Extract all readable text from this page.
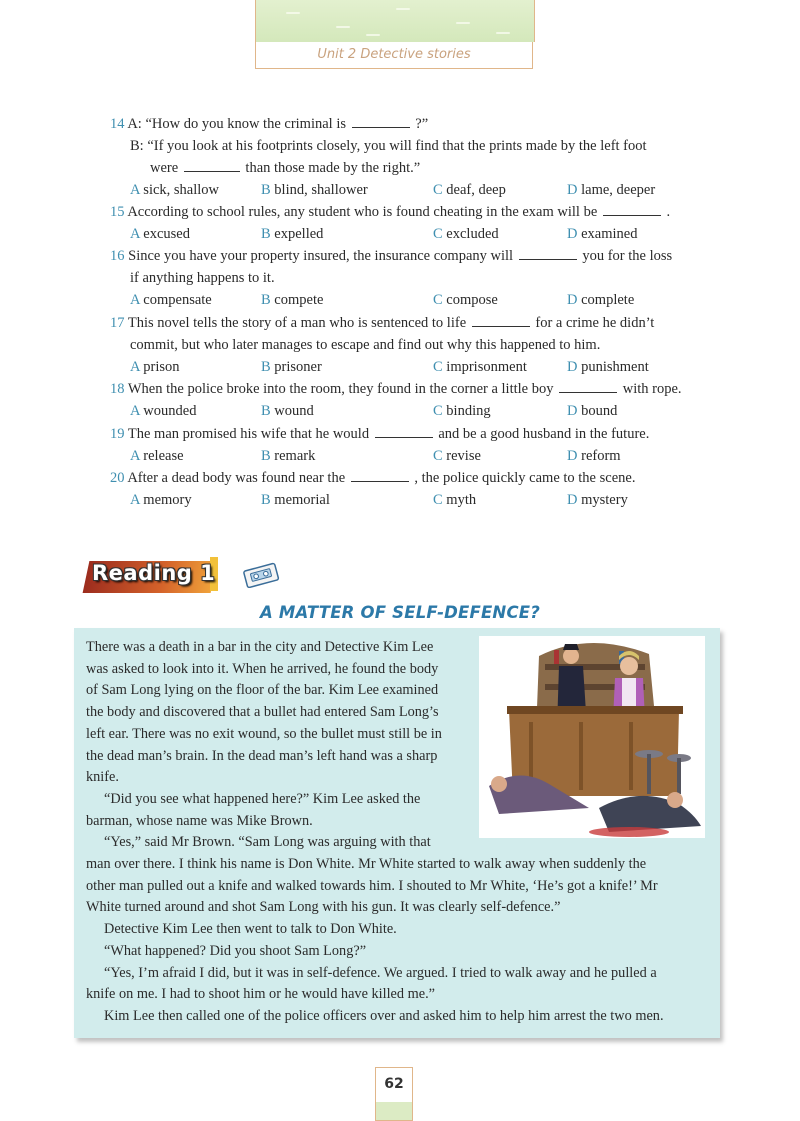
Unit 2 Detective stories
14 A: “How do you know the criminal is	?”
B: “If you look at his footprints closely, you will find that the prints made by the left foot
were	than those made by the right.”
A sick, shallow	B blind, shallower	C deaf, deep	D lame, deeper
15 According to school rules, any student who is found cheating in the exam will be	.
A excused	B expelled	C excluded	D examined
16 Since you have your property insured, the insurance company will	you for the loss
if anything happens to it.
A compensate	B compete	C compose	D complete
17 This novel tells the story of a man who is sentenced to life	for a crime he didn’t
commit, but who later manages to escape and find out why this happened to him.
A prison	B prisoner	C imprisonment	D punishment
18 When the police broke into the room, they found in the corner a little boy	with rope.
A wounded	B wound	C binding	D bound
19 The man promised his wife that he would	and be a good husband in the future.
A release	B remark	C revise	D reform
20 After a dead body was found near the	, the police quickly came to the scene.
A memory	B memorial	C myth	D mystery
Reading 1
A MATTER OF SELF-DEFENCE?
There was a death in a bar in the city and Detective Kim Lee
was asked to look into it. When he arrived, he found the body
of Sam Long lying on the floor of the bar. Kim Lee examined
the body and discovered that a bullet had entered Sam Long’s
left ear. There was no exit wound, so the bullet must still be in
the dead man’s brain. In the dead man’s left hand was a sharp
knife.
“Did you see what happened here?” Kim Lee asked the
barman, whose name was Mike Brown.
“Yes,” said Mr Brown. “Sam Long was arguing with that
man over there. I think his name is Don White. Mr White started to walk away when suddenly the
other man pulled out a knife and walked towards him. I shouted to Mr White, ‘He’s got a knife!’ Mr
White turned around and shot Sam Long with his gun. It was clearly self-defence.”
Detective Kim Lee then went to talk to Don White.
“What happened? Did you shoot Sam Long?”
“Yes, I’m afraid I did, but it was in self-defence. We argued. I tried to walk away and he pulled a
knife on me. I had to shoot him or he would have killed me.”
Kim Lee then called one of the police officers over and asked him to help him arrest the two men.
62
